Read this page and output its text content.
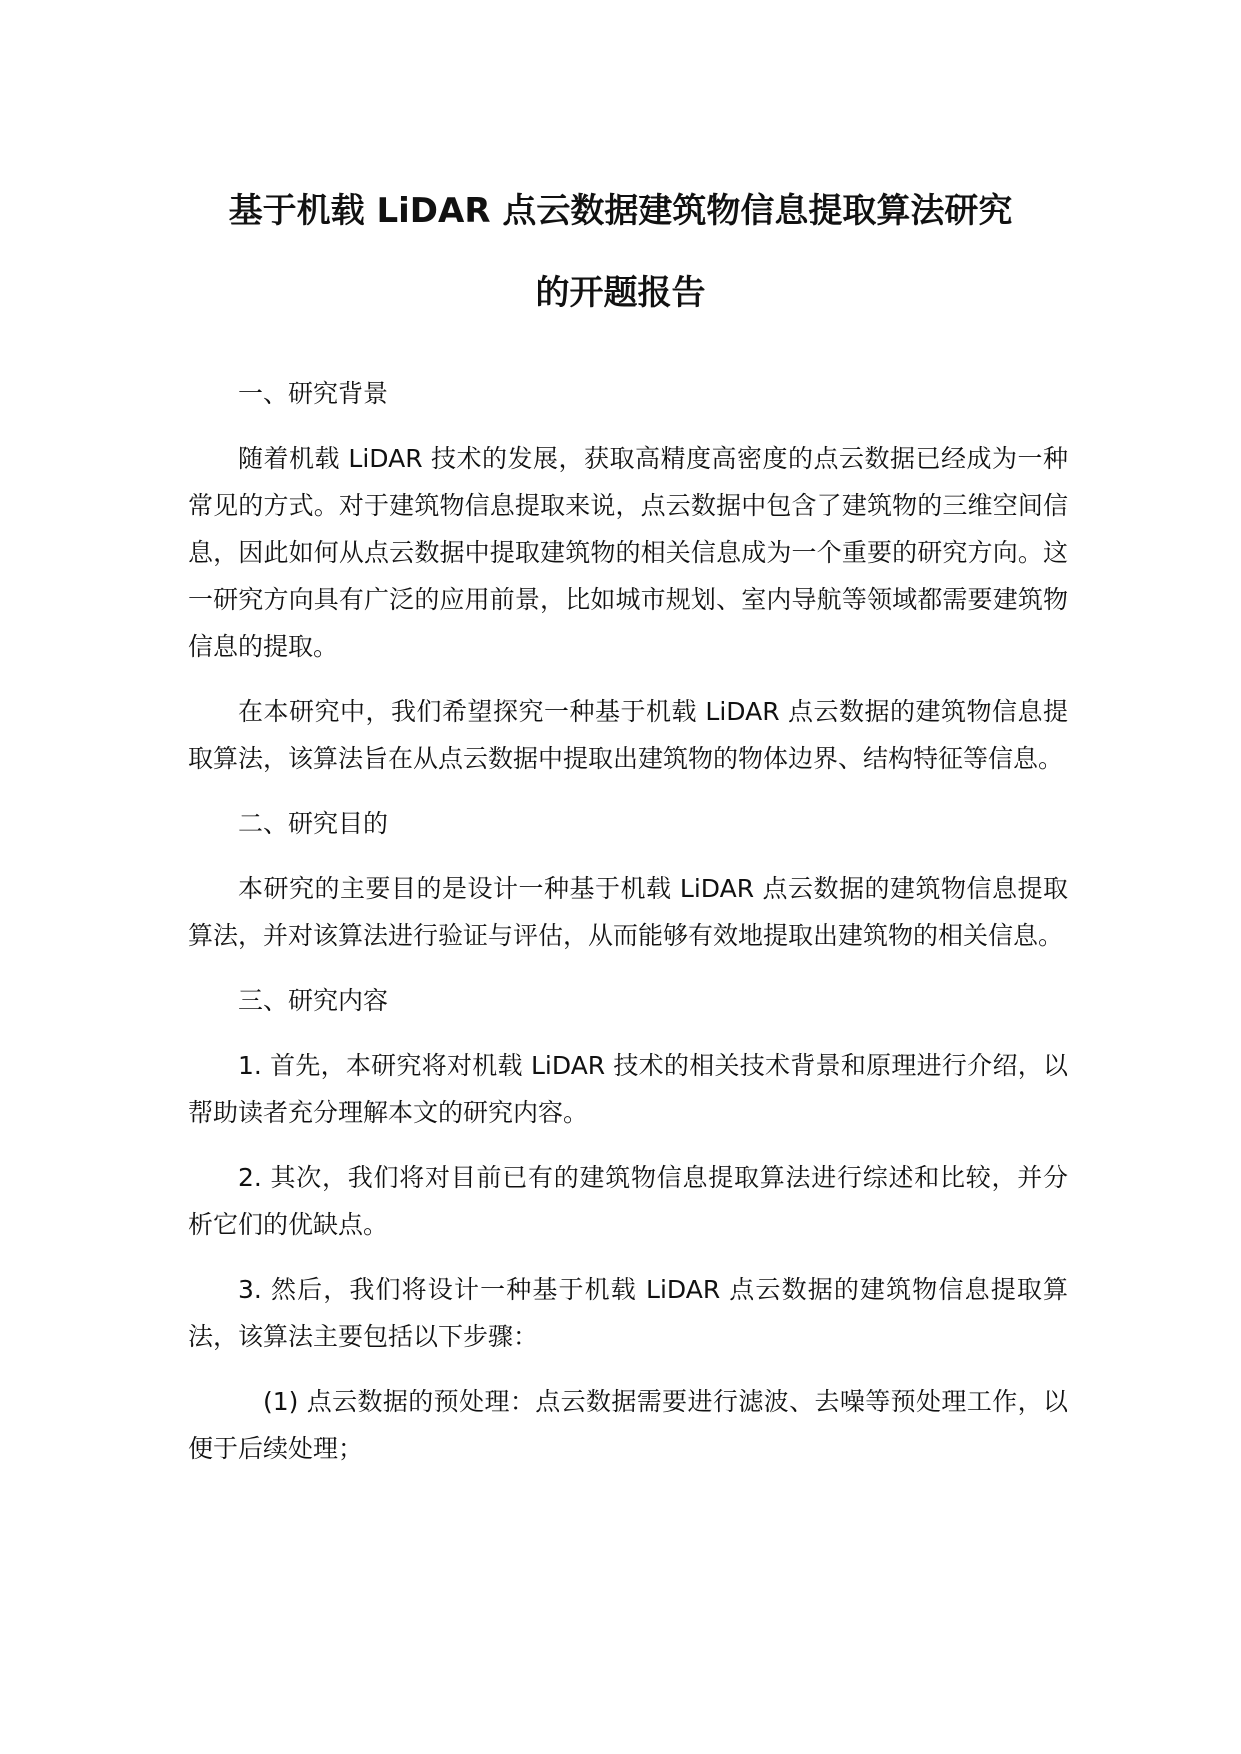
基于机载 LiDAR 点云数据建筑物信息提取算法研究
的开题报告

一、研究背景

随着机载 LiDAR 技术的发展，获取高精度高密度的点云数据已经成为一种常见的方式。对于建筑物信息提取来说，点云数据中包含了建筑物的三维空间信息，因此如何从点云数据中提取建筑物的相关信息成为一个重要的研究方向。这一研究方向具有广泛的应用前景，比如城市规划、室内导航等领域都需要建筑物信息的提取。

在本研究中，我们希望探究一种基于机载 LiDAR 点云数据的建筑物信息提取算法，该算法旨在从点云数据中提取出建筑物的物体边界、结构特征等信息。

二、研究目的

本研究的主要目的是设计一种基于机载 LiDAR 点云数据的建筑物信息提取算法，并对该算法进行验证与评估，从而能够有效地提取出建筑物的相关信息。

三、研究内容

1. 首先，本研究将对机载 LiDAR 技术的相关技术背景和原理进行介绍，以帮助读者充分理解本文的研究内容。

2. 其次，我们将对目前已有的建筑物信息提取算法进行综述和比较，并分析它们的优缺点。

3. 然后，我们将设计一种基于机载 LiDAR 点云数据的建筑物信息提取算法，该算法主要包括以下步骤：

(1) 点云数据的预处理：点云数据需要进行滤波、去噪等预处理工作，以便于后续处理；
